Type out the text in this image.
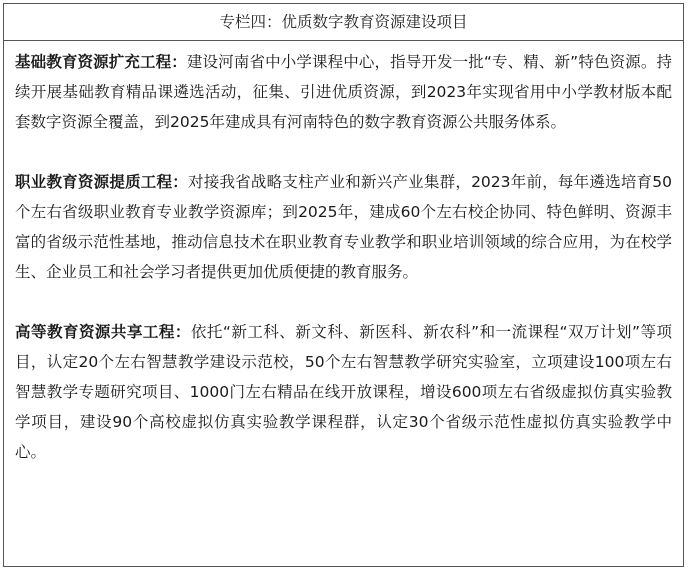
专栏四：优质数字教育资源建设项目

基础教育资源扩充工程：建设河南省中小学课程中心，指导开发一批“专、精、新”特色资源。持续开展基础教育精品课遴选活动，征集、引进优质资源，到2023年实现省用中小学教材版本配套数字资源全覆盖，到2025年建成具有河南特色的数字教育资源公共服务体系。

职业教育资源提质工程：对接我省战略支柱产业和新兴产业集群，2023年前，每年遴选培育50个左右省级职业教育专业教学资源库；到2025年，建成60个左右校企协同、特色鲜明、资源丰富的省级示范性基地，推动信息技术在职业教育专业教学和职业培训领域的综合应用，为在校学生、企业员工和社会学习者提供更加优质便捷的教育服务。

高等教育资源共享工程：依托“新工科、新文科、新医科、新农科”和一流课程“双万计划”等项目，认定20个左右智慧教学建设示范校，50个左右智慧教学研究实验室，立项建设100项左右智慧教学专题研究项目、1000门左右精品在线开放课程，增设600项左右省级虚拟仿真实验教学项目，建设90个高校虚拟仿真实验教学课程群，认定30个省级示范性虚拟仿真实验教学中心。
